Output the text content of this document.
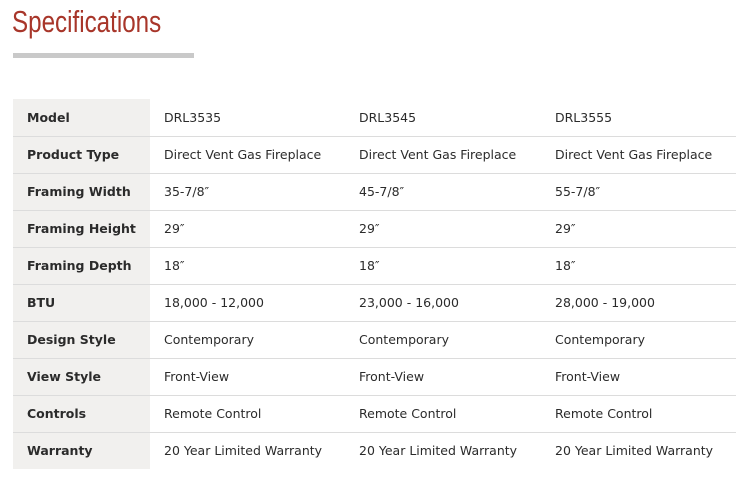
Specifications
Model	DRL3535	DRL3545	DRL3555
Product Type	Direct Vent Gas Fireplace	Direct Vent Gas Fireplace	Direct Vent Gas Fireplace
Framing Width	35-7/8″	45-7/8″	55-7/8″
Framing Height	29″	29″	29″
Framing Depth	18″	18″	18″
BTU	18,000 - 12,000	23,000 - 16,000	28,000 - 19,000
Design Style	Contemporary	Contemporary	Contemporary
View Style	Front-View	Front-View	Front-View
Controls	Remote Control	Remote Control	Remote Control
Warranty	20 Year Limited Warranty	20 Year Limited Warranty	20 Year Limited Warranty
